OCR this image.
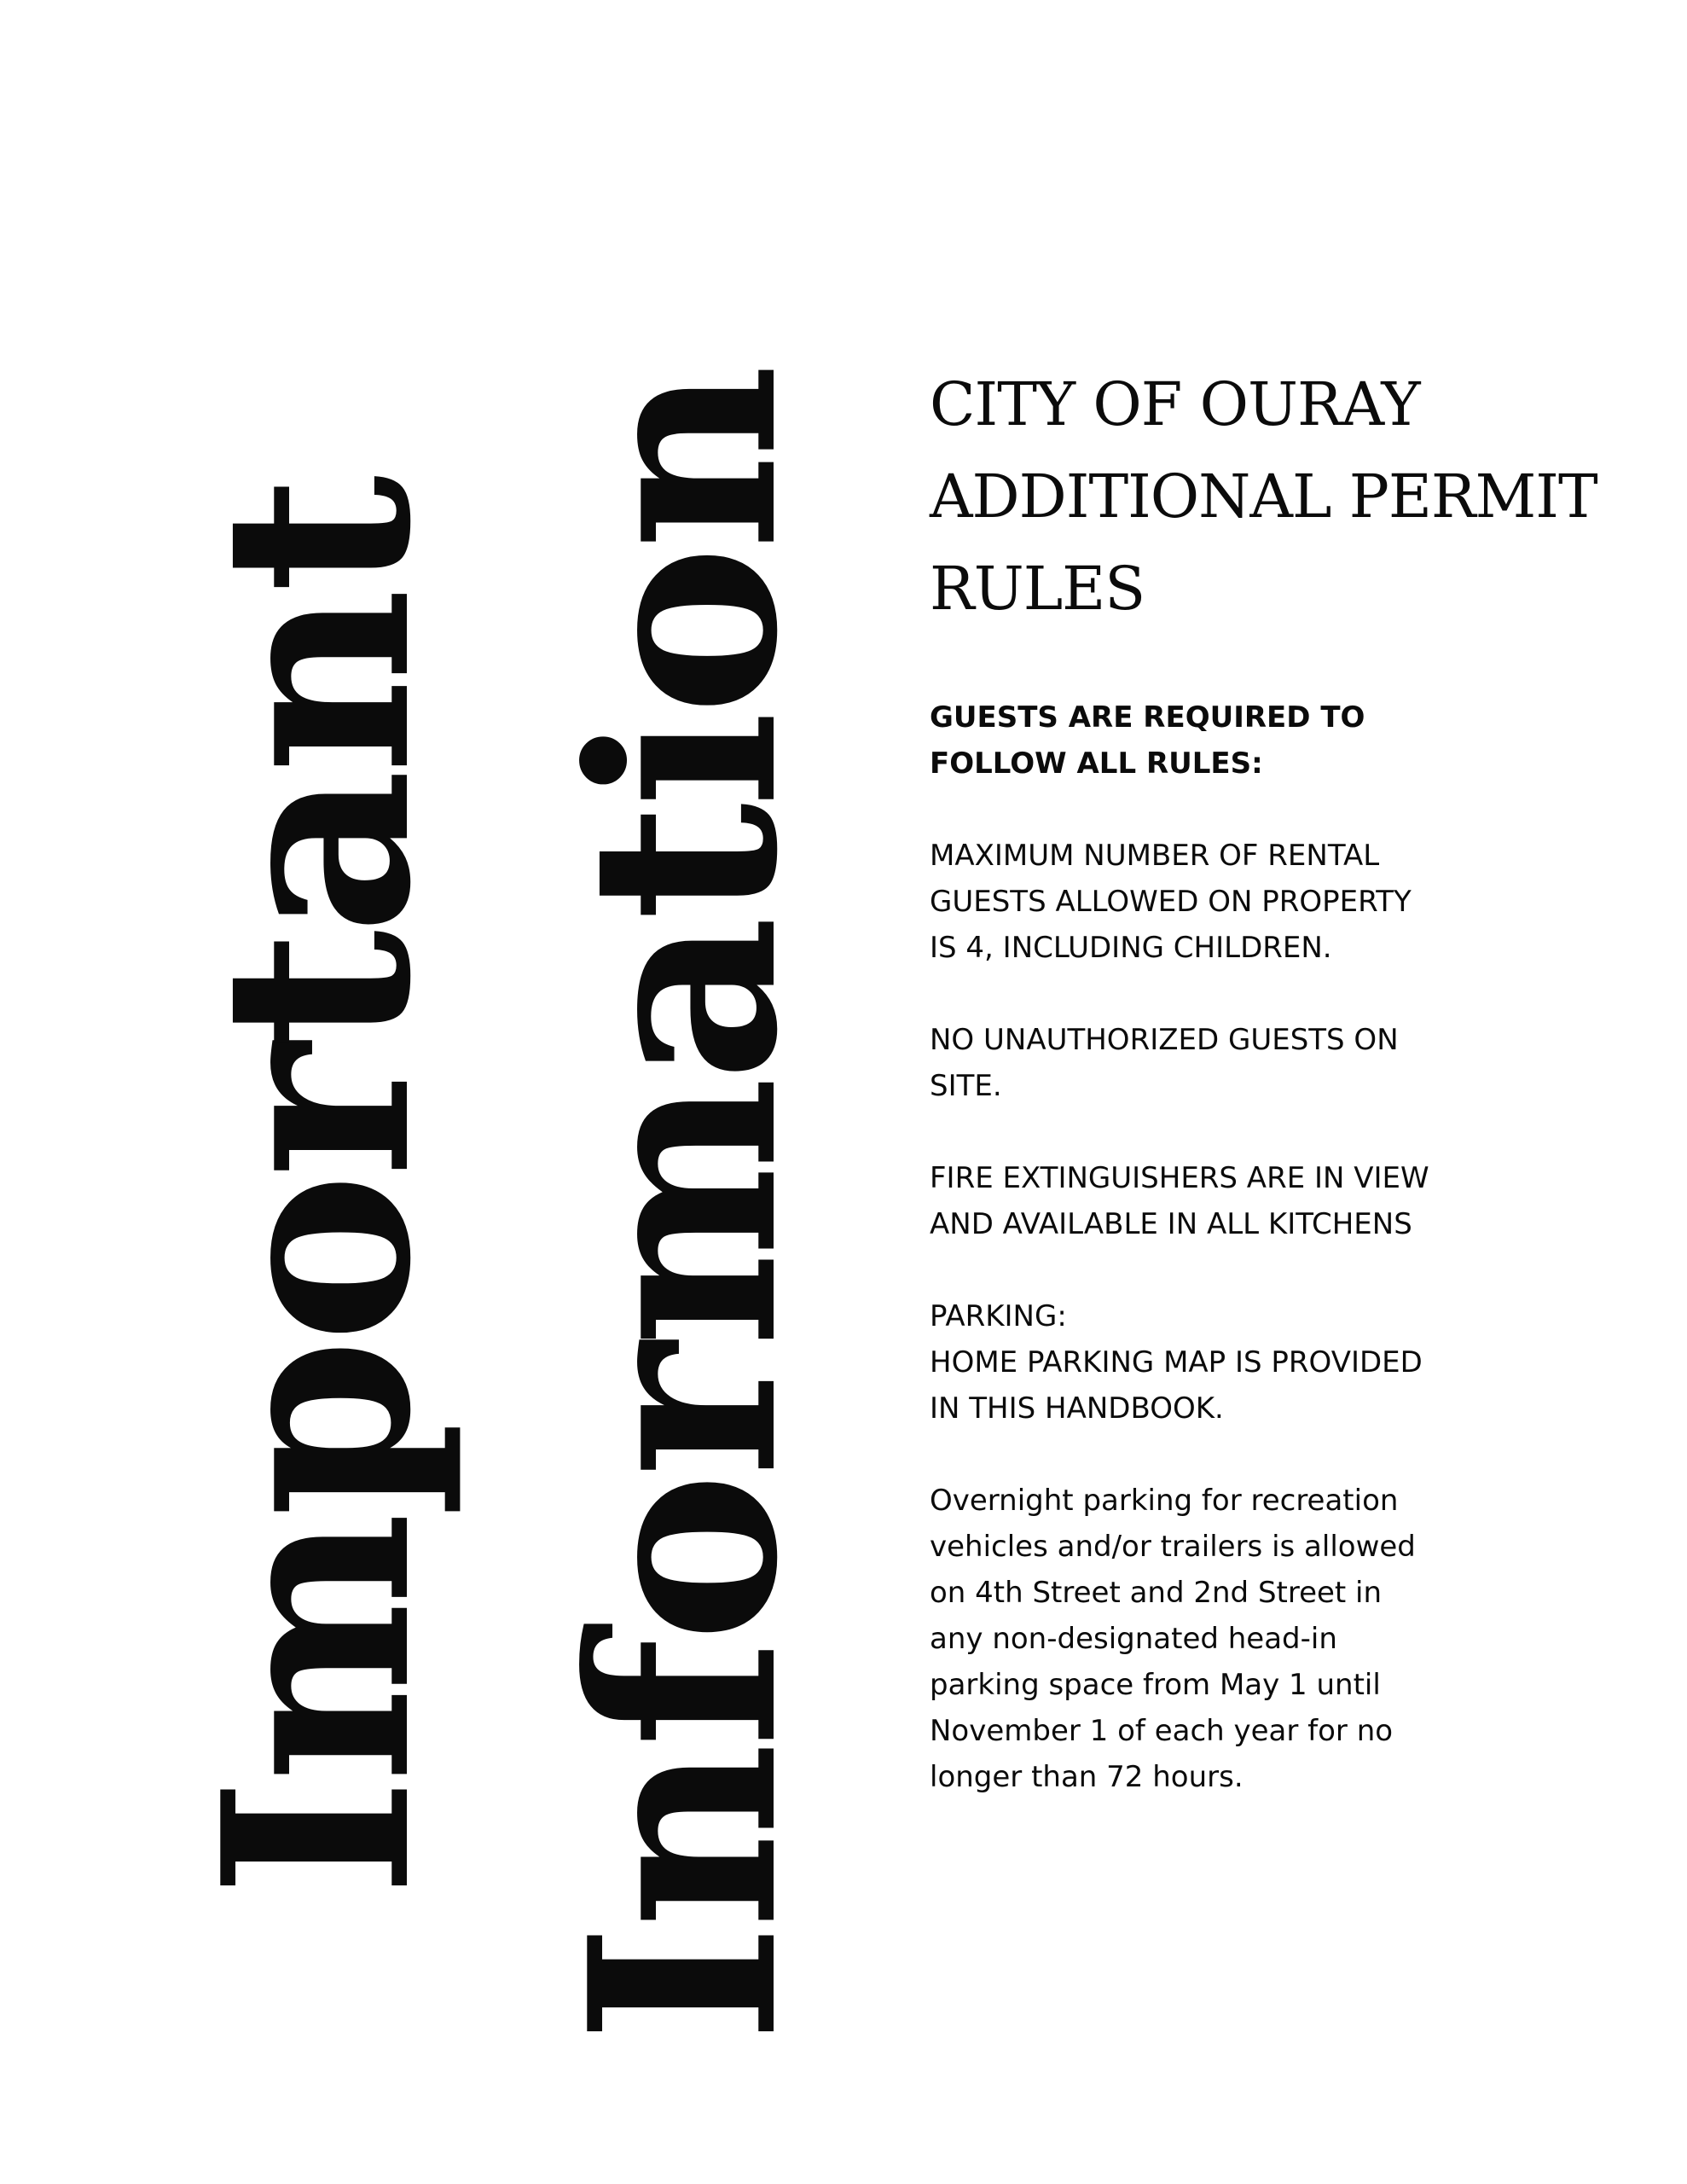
Important Information CITY OF OURAY
ADDITIONAL PERMIT
RULES

GUESTS ARE REQUIRED TO
FOLLOW ALL RULES:

MAXIMUM NUMBER OF RENTAL
GUESTS ALLOWED ON PROPERTY
IS 4, INCLUDING CHILDREN.

NO UNAUTHORIZED GUESTS ON
SITE.

FIRE EXTINGUISHERS ARE IN VIEW
AND AVAILABLE IN ALL KITCHENS

PARKING:
HOME PARKING MAP IS PROVIDED
IN THIS HANDBOOK.

Overnight parking for recreation
vehicles and/or trailers is allowed
on 4th Street and 2nd Street in
any non-designated head-in
parking space from May 1 until
November 1 of each year for no
longer than 72 hours.
